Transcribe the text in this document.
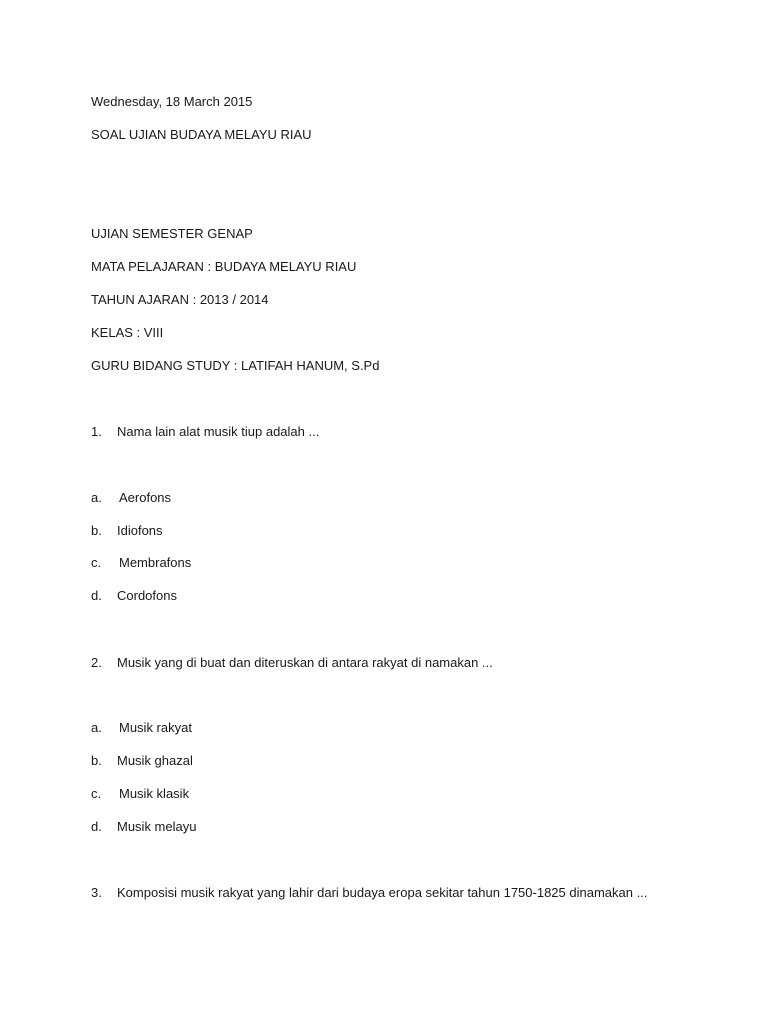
Wednesday, 18 March 2015
SOAL UJIAN BUDAYA MELAYU RIAU
UJIAN SEMESTER GENAP
MATA PELAJARAN : BUDAYA MELAYU RIAU
TAHUN AJARAN : 2013 / 2014
KELAS : VIII
GURU BIDANG STUDY : LATIFAH HANUM, S.Pd
1. Nama lain alat musik tiup adalah ...
a. Aerofons
b. Idiofons
c. Membrafons
d. Cordofons
2. Musik yang di buat dan diteruskan di antara rakyat di namakan ...
a. Musik rakyat
b. Musik ghazal
c. Musik klasik
d. Musik melayu
3. Komposisi musik rakyat yang lahir dari budaya eropa sekitar tahun 1750-1825 dinamakan ...
